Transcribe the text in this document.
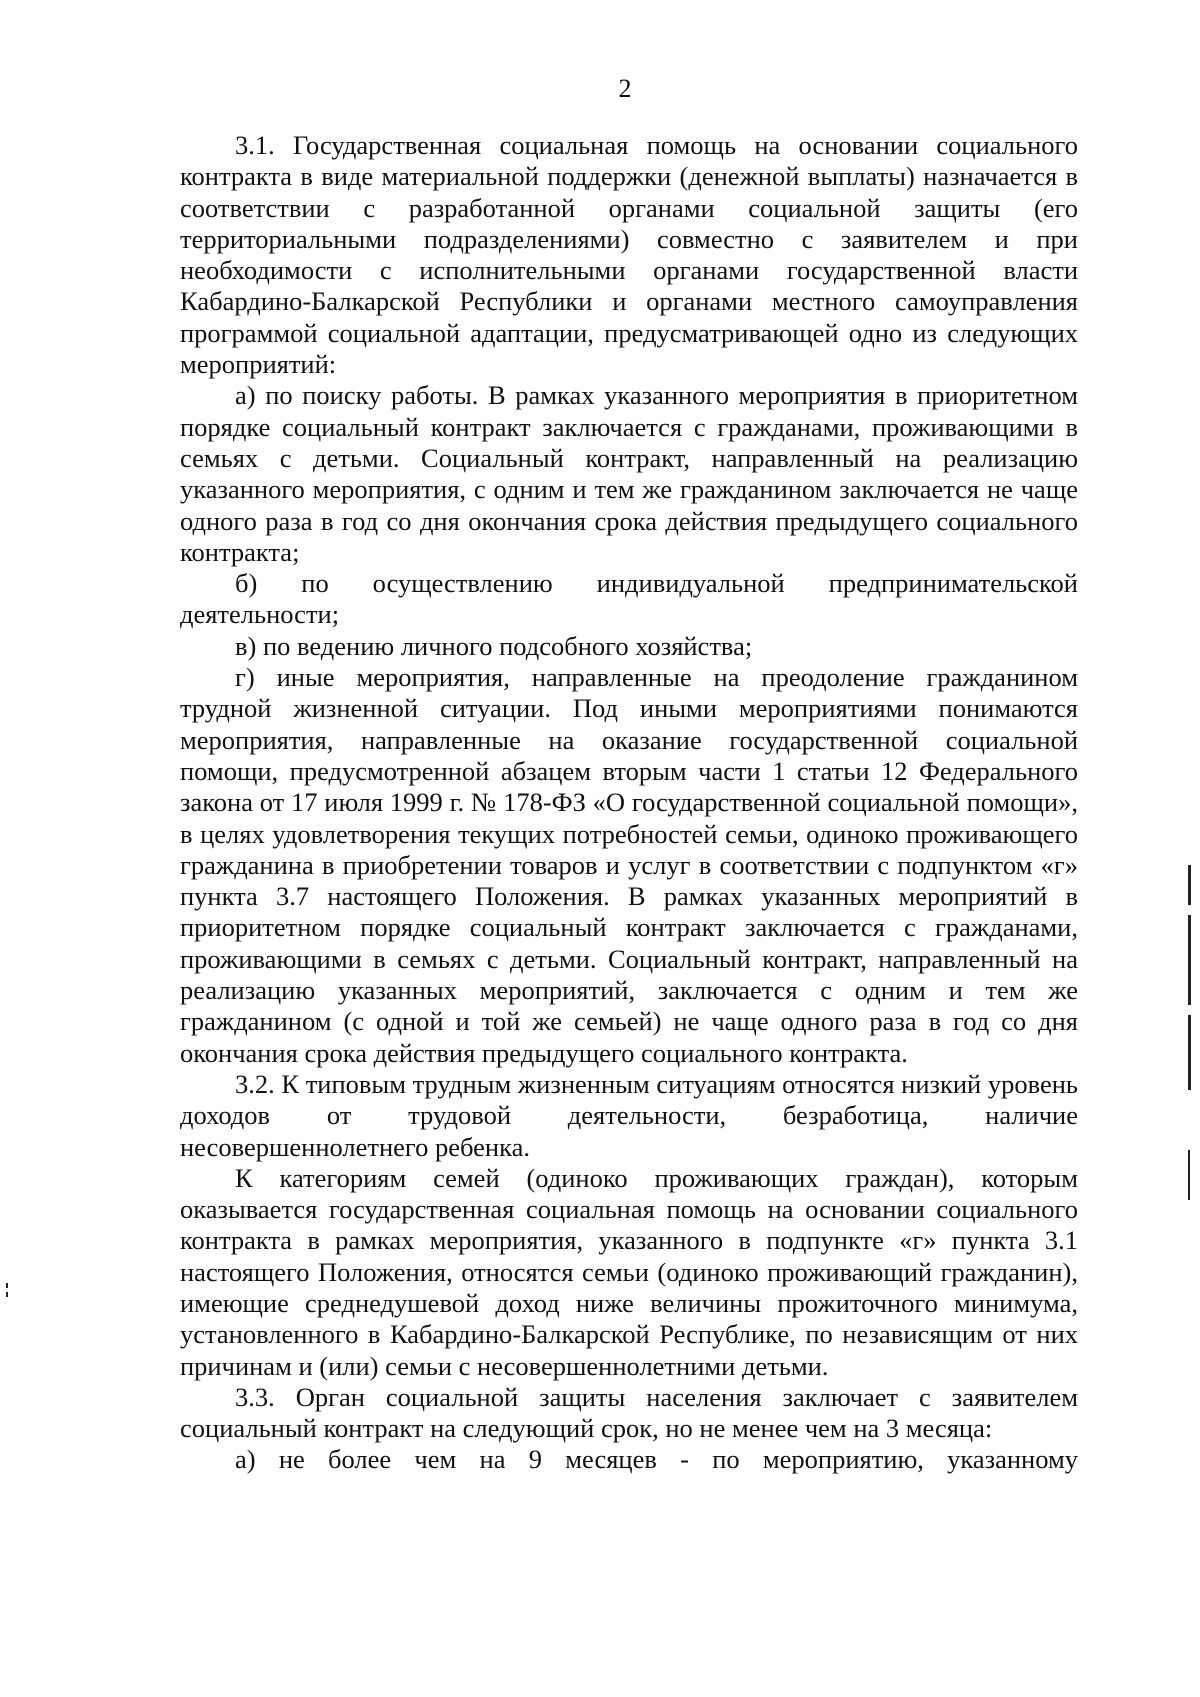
2

3.1. Государственная социальная помощь на основании социального контракта в виде материальной поддержки (денежной выплаты) назначается в соответствии с разработанной органами социальной защиты (его территориальными подразделениями) совместно с заявителем и при необходимости с исполнительными органами государственной власти Кабардино-Балкарской Республики и органами местного самоуправления программой социальной адаптации, предусматривающей одно из следующих мероприятий:

а) по поиску работы. В рамках указанного мероприятия в приоритетном порядке социальный контракт заключается с гражданами, проживающими в семьях с детьми. Социальный контракт, направленный на реализацию указанного мероприятия, с одним и тем же гражданином заключается не чаще одного раза в год со дня окончания срока действия предыдущего социального контракта;

б) по осуществлению индивидуальной предпринимательской деятельности;

в) по ведению личного подсобного хозяйства;

г) иные мероприятия, направленные на преодоление гражданином трудной жизненной ситуации. Под иными мероприятиями понимаются мероприятия, направленные на оказание государственной социальной помощи, предусмотренной абзацем вторым части 1 статьи 12 Федерального закона от 17 июля 1999 г. № 178-ФЗ «О государственной социальной помощи», в целях удовлетворения текущих потребностей семьи, одиноко проживающего гражданина в приобретении товаров и услуг в соответствии с подпунктом «г» пункта 3.7 настоящего Положения. В рамках указанных мероприятий в приоритетном порядке социальный контракт заключается с гражданами, проживающими в семьях с детьми. Социальный контракт, направленный на реализацию указанных мероприятий, заключается с одним и тем же гражданином (с одной и той же семьей) не чаще одного раза в год со дня окончания срока действия предыдущего социального контракта.

3.2. К типовым трудным жизненным ситуациям относятся низкий уровень доходов от трудовой деятельности, безработица, наличие несовершеннолетнего ребенка.

К категориям семей (одиноко проживающих граждан), которым оказывается государственная социальная помощь на основании социального контракта в рамках мероприятия, указанного в подпункте «г» пункта 3.1 настоящего Положения, относятся семьи (одиноко проживающий гражданин), имеющие среднедушевой доход ниже величины прожиточного минимума, установленного в Кабардино-Балкарской Республике, по независящим от них причинам и (или) семьи с несовершеннолетними детьми.

3.3. Орган социальной защиты населения заключает с заявителем социальный контракт на следующий срок, но не менее чем на 3 месяца:

а) не более чем на 9 месяцев - по мероприятию, указанному
